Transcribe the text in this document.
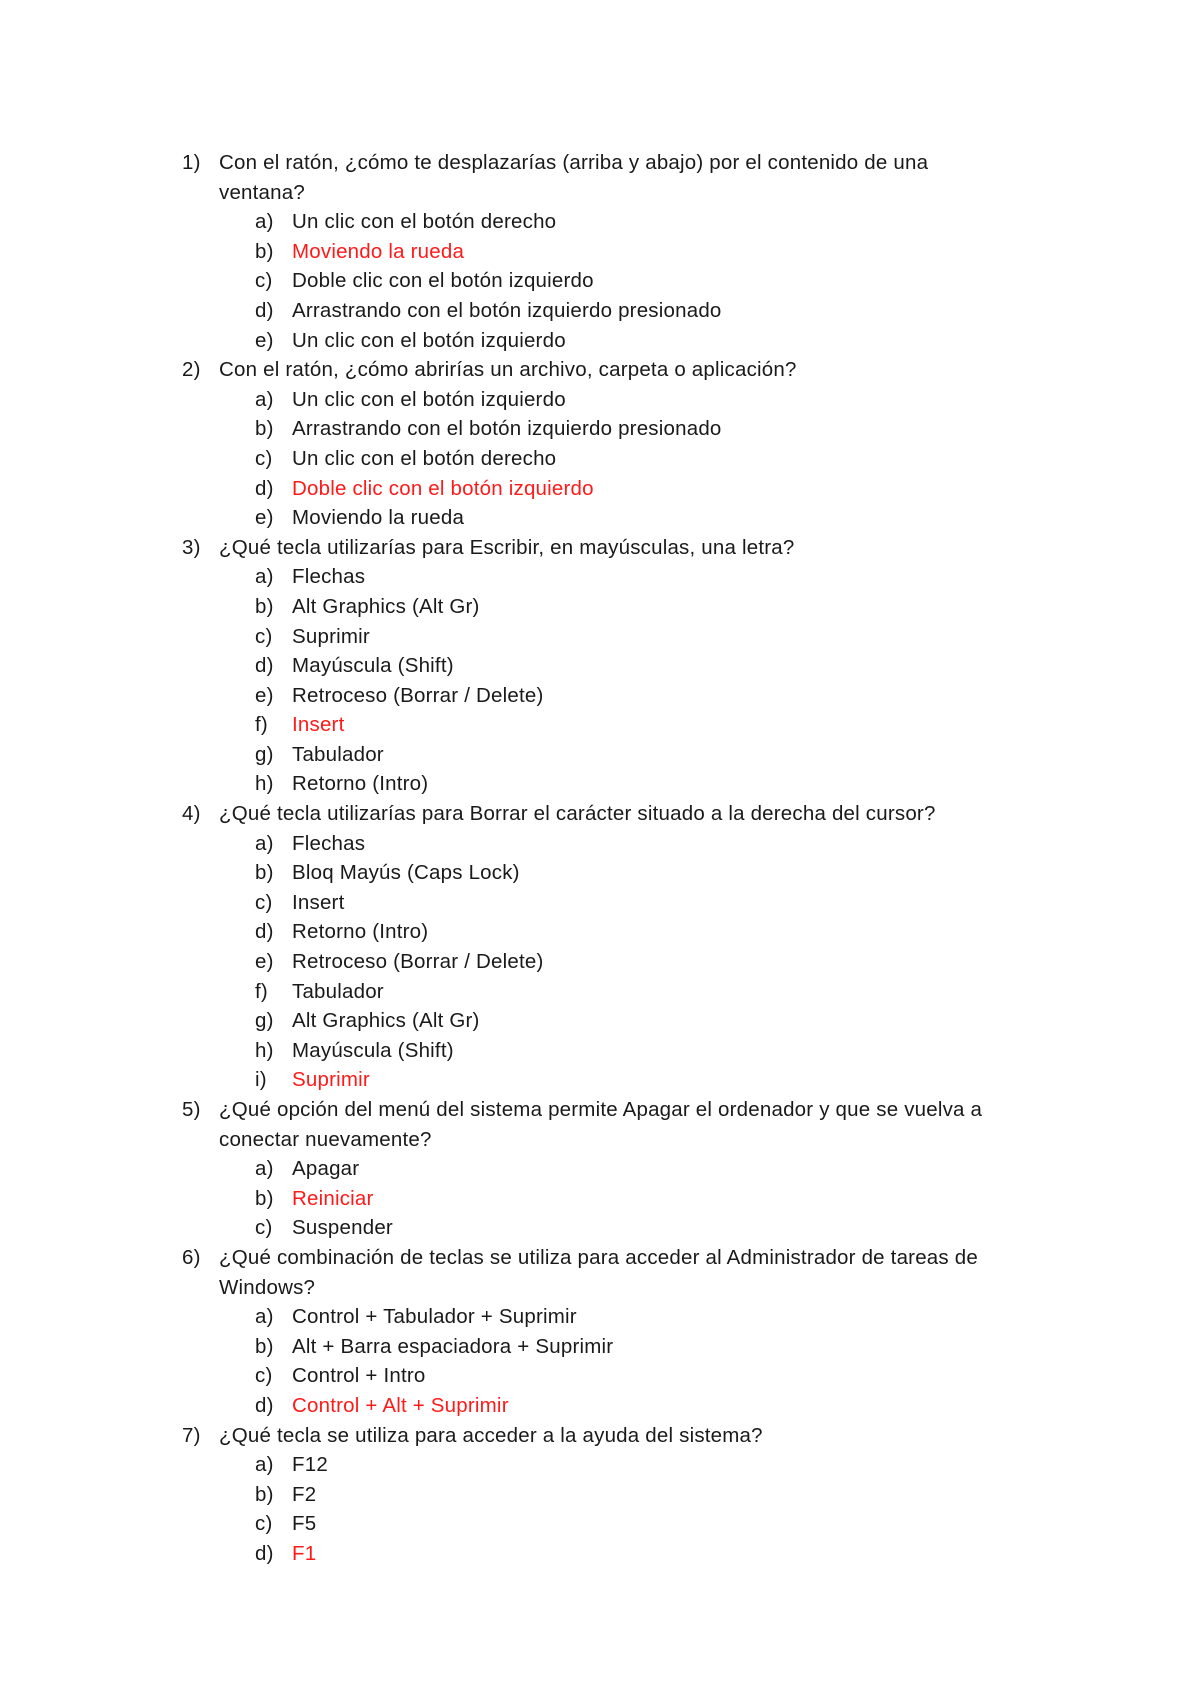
1) Con el ratón, ¿cómo te desplazarías (arriba y abajo) por el contenido de una
ventana?
a) Un clic con el botón derecho
b) Moviendo la rueda
c) Doble clic con el botón izquierdo
d) Arrastrando con el botón izquierdo presionado
e) Un clic con el botón izquierdo
2) Con el ratón, ¿cómo abrirías un archivo, carpeta o aplicación?
a) Un clic con el botón izquierdo
b) Arrastrando con el botón izquierdo presionado
c) Un clic con el botón derecho
d) Doble clic con el botón izquierdo
e) Moviendo la rueda
3) ¿Qué tecla utilizarías para Escribir, en mayúsculas, una letra?
a) Flechas
b) Alt Graphics (Alt Gr)
c) Suprimir
d) Mayúscula (Shift)
e) Retroceso (Borrar / Delete)
f) Insert
g) Tabulador
h) Retorno (Intro)
4) ¿Qué tecla utilizarías para Borrar el carácter situado a la derecha del cursor?
a) Flechas
b) Bloq Mayús (Caps Lock)
c) Insert
d) Retorno (Intro)
e) Retroceso (Borrar / Delete)
f) Tabulador
g) Alt Graphics (Alt Gr)
h) Mayúscula (Shift)
i) Suprimir
5) ¿Qué opción del menú del sistema permite Apagar el ordenador y que se vuelva a
conectar nuevamente?
a) Apagar
b) Reiniciar
c) Suspender
6) ¿Qué combinación de teclas se utiliza para acceder al Administrador de tareas de
Windows?
a) Control + Tabulador + Suprimir
b) Alt + Barra espaciadora + Suprimir
c) Control + Intro
d) Control + Alt + Suprimir
7) ¿Qué tecla se utiliza para acceder a la ayuda del sistema?
a) F12
b) F2
c) F5
d) F1
